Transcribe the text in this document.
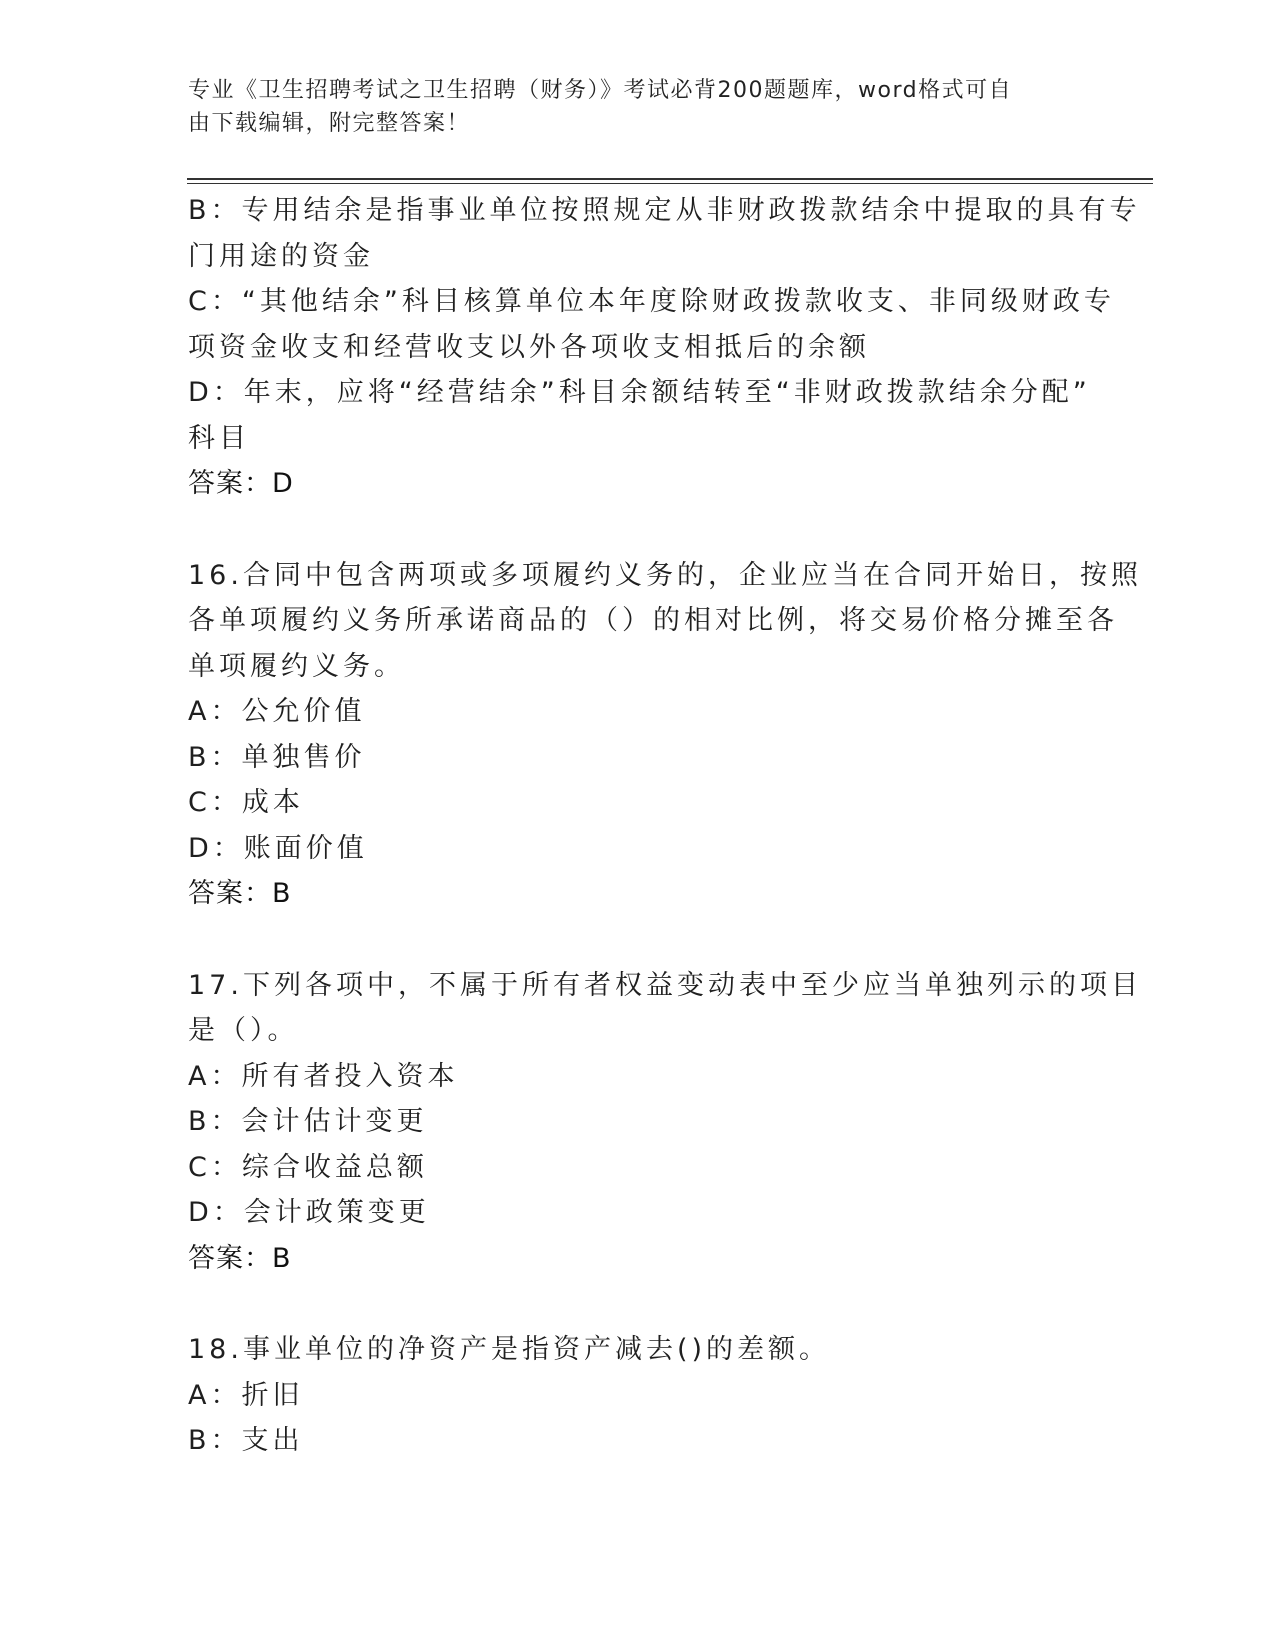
专业《卫生招聘考试之卫生招聘（财务）》考试必背200题题库，word格式可自
由下载编辑，附完整答案！
B：专用结余是指事业单位按照规定从非财政拨款结余中提取的具有专
门用途的资金
C：“其他结余”科目核算单位本年度除财政拨款收支、非同级财政专
项资金收支和经营收支以外各项收支相抵后的余额
D：年末，应将“经营结余”科目余额结转至“非财政拨款结余分配”
科目
答案：D
16.合同中包含两项或多项履约义务的，企业应当在合同开始日，按照
各单项履约义务所承诺商品的（）的相对比例，将交易价格分摊至各
单项履约义务。
A：公允价值
B：单独售价
C：成本
D：账面价值
答案：B
17.下列各项中，不属于所有者权益变动表中至少应当单独列示的项目
是（）。
A：所有者投入资本
B：会计估计变更
C：综合收益总额
D：会计政策变更
答案：B
18.事业单位的净资产是指资产减去()的差额。
A：折旧
B：支出
